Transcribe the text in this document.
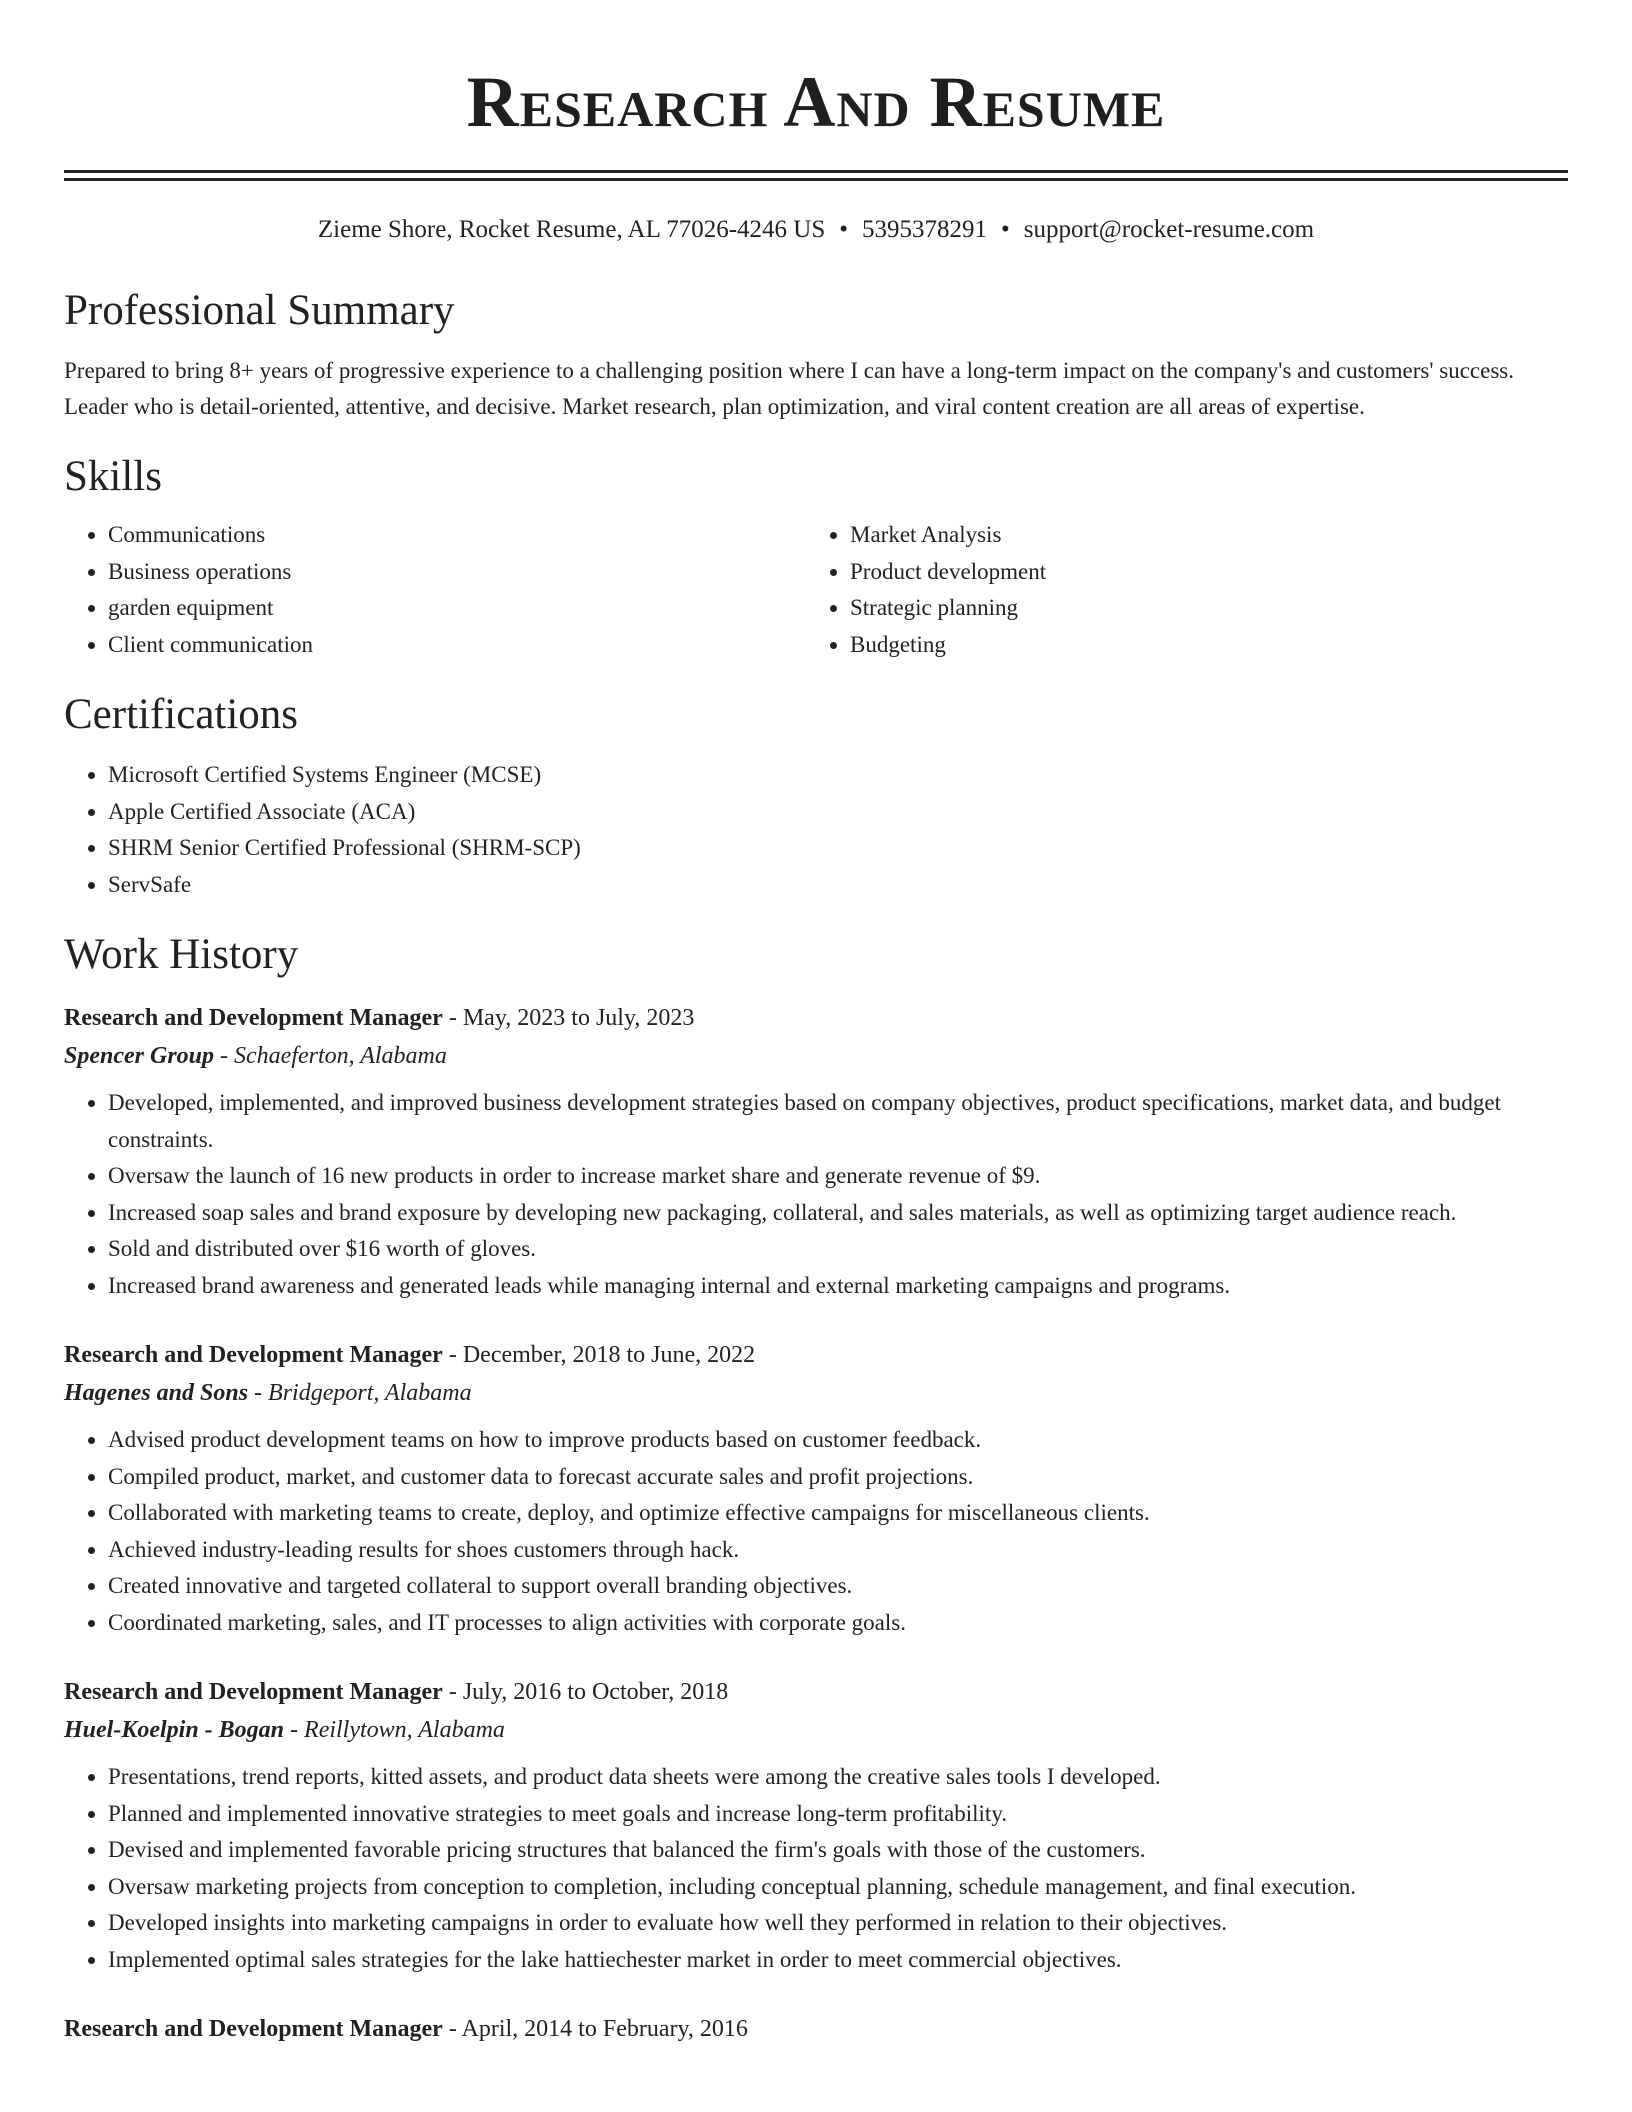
Research And Resume
Zieme Shore, Rocket Resume, AL 77026-4246 US • 5395378291 • support@rocket-resume.com
Professional Summary
Prepared to bring 8+ years of progressive experience to a challenging position where I can have a long-term impact on the company's and customers' success. Leader who is detail-oriented, attentive, and decisive. Market research, plan optimization, and viral content creation are all areas of expertise.
Skills
• Communications
• Business operations
• garden equipment
• Client communication
• Market Analysis
• Product development
• Strategic planning
• Budgeting
Certifications
• Microsoft Certified Systems Engineer (MCSE)
• Apple Certified Associate (ACA)
• SHRM Senior Certified Professional (SHRM-SCP)
• ServSafe
Work History
Research and Development Manager - May, 2023 to July, 2023
Spencer Group - Schaeferton, Alabama
• Developed, implemented, and improved business development strategies based on company objectives, product specifications, market data, and budget constraints.
• Oversaw the launch of 16 new products in order to increase market share and generate revenue of $9.
• Increased soap sales and brand exposure by developing new packaging, collateral, and sales materials, as well as optimizing target audience reach.
• Sold and distributed over $16 worth of gloves.
• Increased brand awareness and generated leads while managing internal and external marketing campaigns and programs.
Research and Development Manager - December, 2018 to June, 2022
Hagenes and Sons - Bridgeport, Alabama
• Advised product development teams on how to improve products based on customer feedback.
• Compiled product, market, and customer data to forecast accurate sales and profit projections.
• Collaborated with marketing teams to create, deploy, and optimize effective campaigns for miscellaneous clients.
• Achieved industry-leading results for shoes customers through hack.
• Created innovative and targeted collateral to support overall branding objectives.
• Coordinated marketing, sales, and IT processes to align activities with corporate goals.
Research and Development Manager - July, 2016 to October, 2018
Huel-Koelpin - Bogan - Reillytown, Alabama
• Presentations, trend reports, kitted assets, and product data sheets were among the creative sales tools I developed.
• Planned and implemented innovative strategies to meet goals and increase long-term profitability.
• Devised and implemented favorable pricing structures that balanced the firm's goals with those of the customers.
• Oversaw marketing projects from conception to completion, including conceptual planning, schedule management, and final execution.
• Developed insights into marketing campaigns in order to evaluate how well they performed in relation to their objectives.
• Implemented optimal sales strategies for the lake hattiechester market in order to meet commercial objectives.
Research and Development Manager - April, 2014 to February, 2016
